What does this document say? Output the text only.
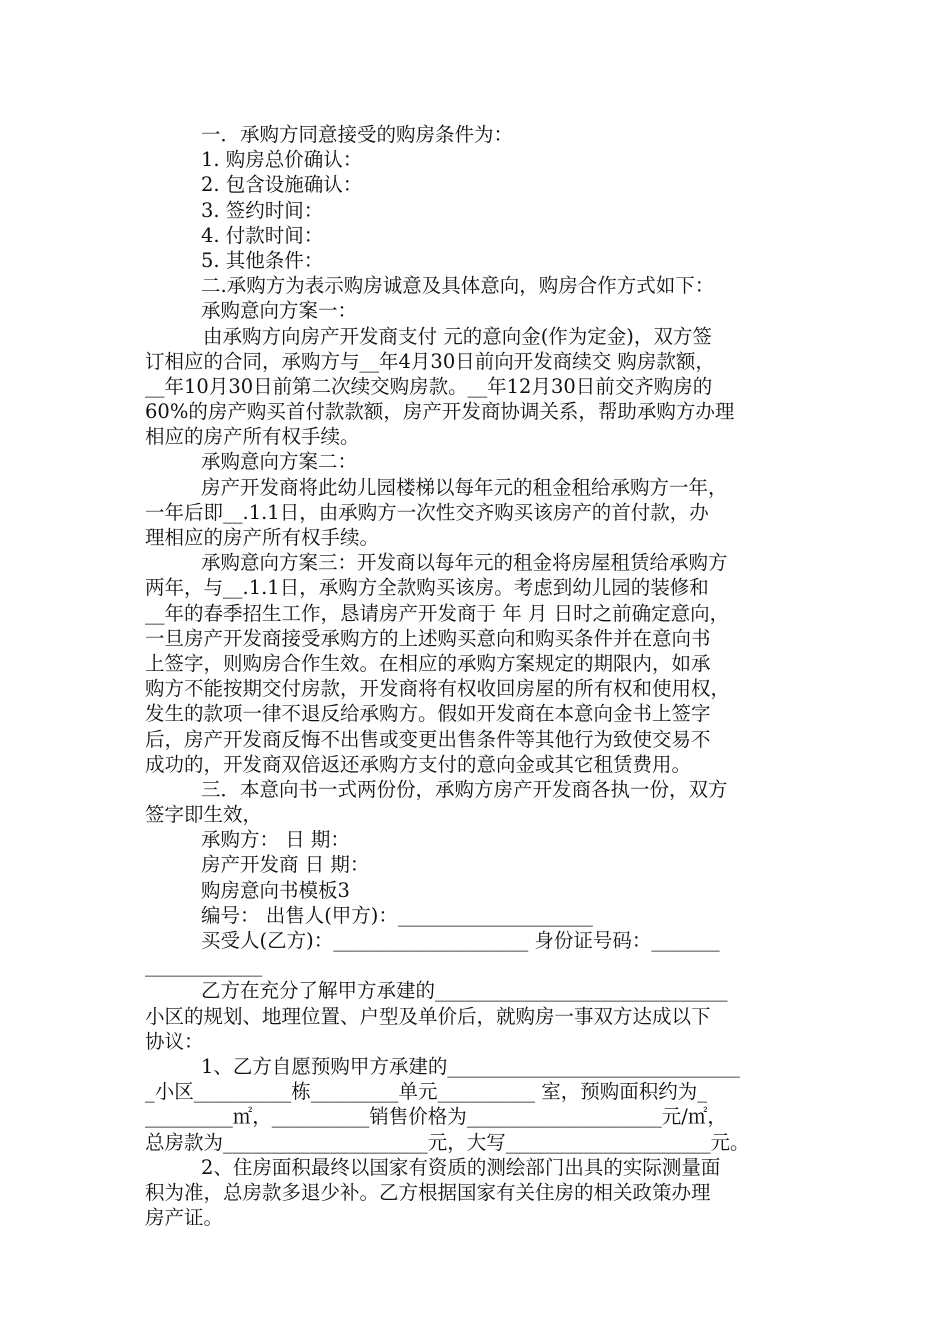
一．承购方同意接受的购房条件为：
1. 购房总价确认：
2. 包含设施确认：
3. 签约时间：
4. 付款时间：
5. 其他条件：
二.承购方为表示购房诚意及具体意向，购房合作方式如下：
承购意向方案一：
由承购方向房产开发商支付 元的意向金(作为定金)，双方签
订相应的合同，承购方与__年4月30日前向开发商续交 购房款额，
__年10月30日前第二次续交购房款。__年12月30日前交齐购房的
60%的房产购买首付款款额，房产开发商协调关系，帮助承购方办理
相应的房产所有权手续。
承购意向方案二：
房产开发商将此幼儿园楼梯以每年元的租金租给承购方一年，
一年后即__.1.1日，由承购方一次性交齐购买该房产的首付款，办
理相应的房产所有权手续。
承购意向方案三：开发商以每年元的租金将房屋租赁给承购方
两年，与__.1.1日，承购方全款购买该房。考虑到幼儿园的装修和
__年的春季招生工作，恳请房产开发商于 年 月 日时之前确定意向，
一旦房产开发商接受承购方的上述购买意向和购买条件并在意向书
上签字，则购房合作生效。在相应的承购方案规定的期限内，如承
购方不能按期交付房款，开发商将有权收回房屋的所有权和使用权，
发生的款项一律不退反给承购方。假如开发商在本意向金书上签字
后，房产开发商反悔不出售或变更出售条件等其他行为致使交易不
成功的，开发商双倍返还承购方支付的意向金或其它租赁费用。
三．本意向书一式两份份，承购方房产开发商各执一份，双方
签字即生效，
承购方： 日 期：
房产开发商 日 期：
购房意向书模板3
编号： 出售人(甲方)：____________________
买受人(乙方)：____________________ 身份证号码：_______
____________
乙方在充分了解甲方承建的______________________________
小区的规划、地理位置、户型及单价后，就购房一事双方达成以下
协议：
1、乙方自愿预购甲方承建的______________________________
_小区__________栋_________单元__________ 室，预购面积约为_
_________㎡，__________销售价格为____________________元/㎡，
总房款为_____________________元，大写_____________________元。
2、住房面积最终以国家有资质的测绘部门出具的实际测量面
积为准，总房款多退少补。乙方根据国家有关住房的相关政策办理
房产证。
